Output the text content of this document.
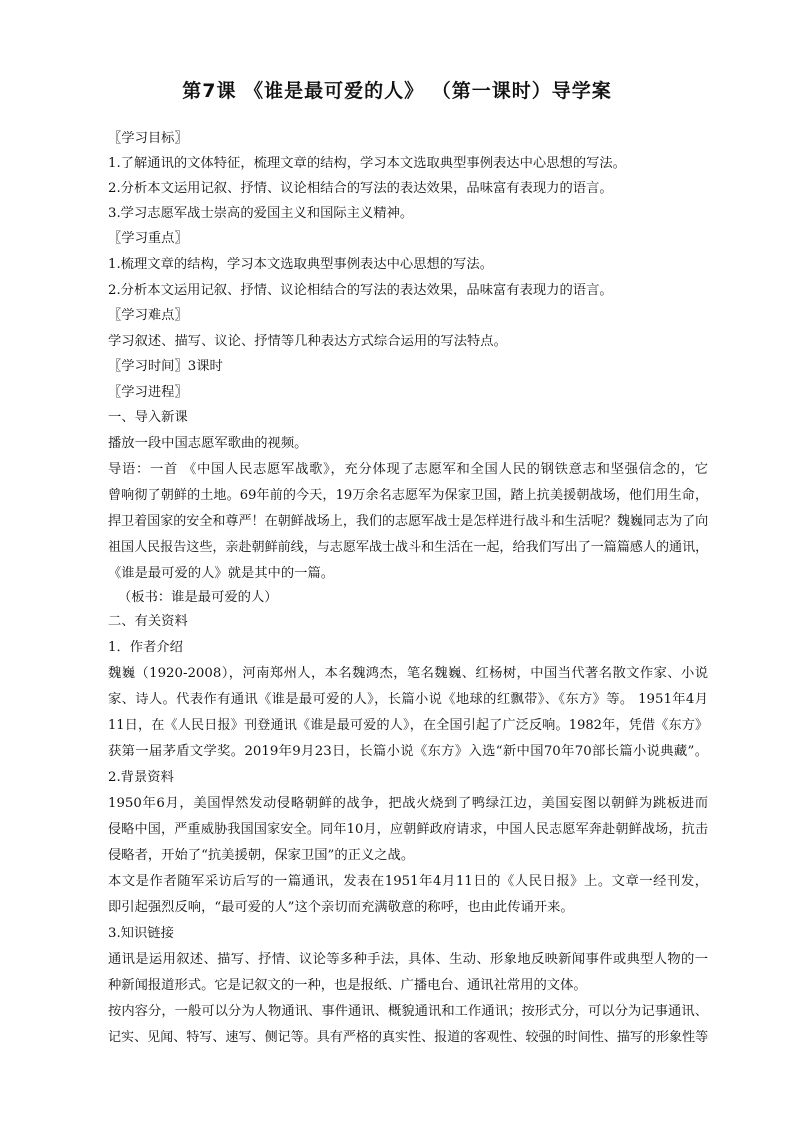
第7课 《谁是最可爱的人》 （第一课时）导学案
〖学习目标〗
1.了解通讯的文体特征，梳理文章的结构，学习本文选取典型事例表达中心思想的写法。
2.分析本文运用记叙、抒情、议论相结合的写法的表达效果，品味富有表现力的语言。
3.学习志愿军战士崇高的爱国主义和国际主义精神。
〖学习重点〗
1.梳理文章的结构，学习本文选取典型事例表达中心思想的写法。
2.分析本文运用记叙、抒情、议论相结合的写法的表达效果，品味富有表现力的语言。
〖学习难点〗
学习叙述、描写、议论、抒情等几种表达方式综合运用的写法特点。
〖学习时间〗3课时
〖学习进程〗
一、导入新课
播放一段中国志愿军歌曲的视频。
导语：一首 《中国人民志愿军战歌》，充分体现了志愿军和全国人民的钢铁意志和坚强信念的，它
曾响彻了朝鲜的土地。69年前的今天，19万余名志愿军为保家卫国，踏上抗美援朝战场，他们用生命，
捍卫着国家的安全和尊严！在朝鲜战场上，我们的志愿军战士是怎样进行战斗和生活呢？魏巍同志为了向
祖国人民报告这些，亲赴朝鲜前线，与志愿军战士战斗和生活在一起，给我们写出了一篇篇感人的通讯，
《谁是最可爱的人》就是其中的一篇。
（板书：谁是最可爱的人）
二、有关资料
1．作者介绍
魏巍（1920-2008），河南郑州人，本名魏鸿杰，笔名魏巍、红杨树，中国当代著名散文作家、小说
家、诗人。代表作有通讯《谁是最可爱的人》，长篇小说《地球的红飘带》、《东方》等。 1951年4月
11日，在《人民日报》刊登通讯《谁是最可爱的人》，在全国引起了广泛反响。1982年，凭借《东方》
获第一届茅盾文学奖。2019年9月23日，长篇小说《东方》入选“新中国70年70部长篇小说典藏”。
2.背景资料
1950年6月，美国悍然发动侵略朝鲜的战争，把战火烧到了鸭绿江边，美国妄图以朝鲜为跳板进而
侵略中国，严重威胁我国国家安全。同年10月，应朝鲜政府请求，中国人民志愿军奔赴朝鲜战场，抗击
侵略者，开始了“抗美援朝，保家卫国”的正义之战。
本文是作者随军采访后写的一篇通讯，发表在1951年4月11日的《人民日报》上。文章一经刊发，
即引起强烈反响，“最可爱的人”这个亲切而充满敬意的称呼，也由此传诵开来。
3.知识链接
通讯是运用叙述、描写、抒情、议论等多种手法，具体、生动、形象地反映新闻事件或典型人物的一
种新闻报道形式。它是记叙文的一种，也是报纸、广播电台、通讯社常用的文体。
按内容分，一般可以分为人物通讯、事件通讯、概貌通讯和工作通讯；按形式分，可以分为记事通讯、
记实、见闻、特写、速写、侧记等。具有严格的真实性、报道的客观性、较强的时间性、描写的形象性等
